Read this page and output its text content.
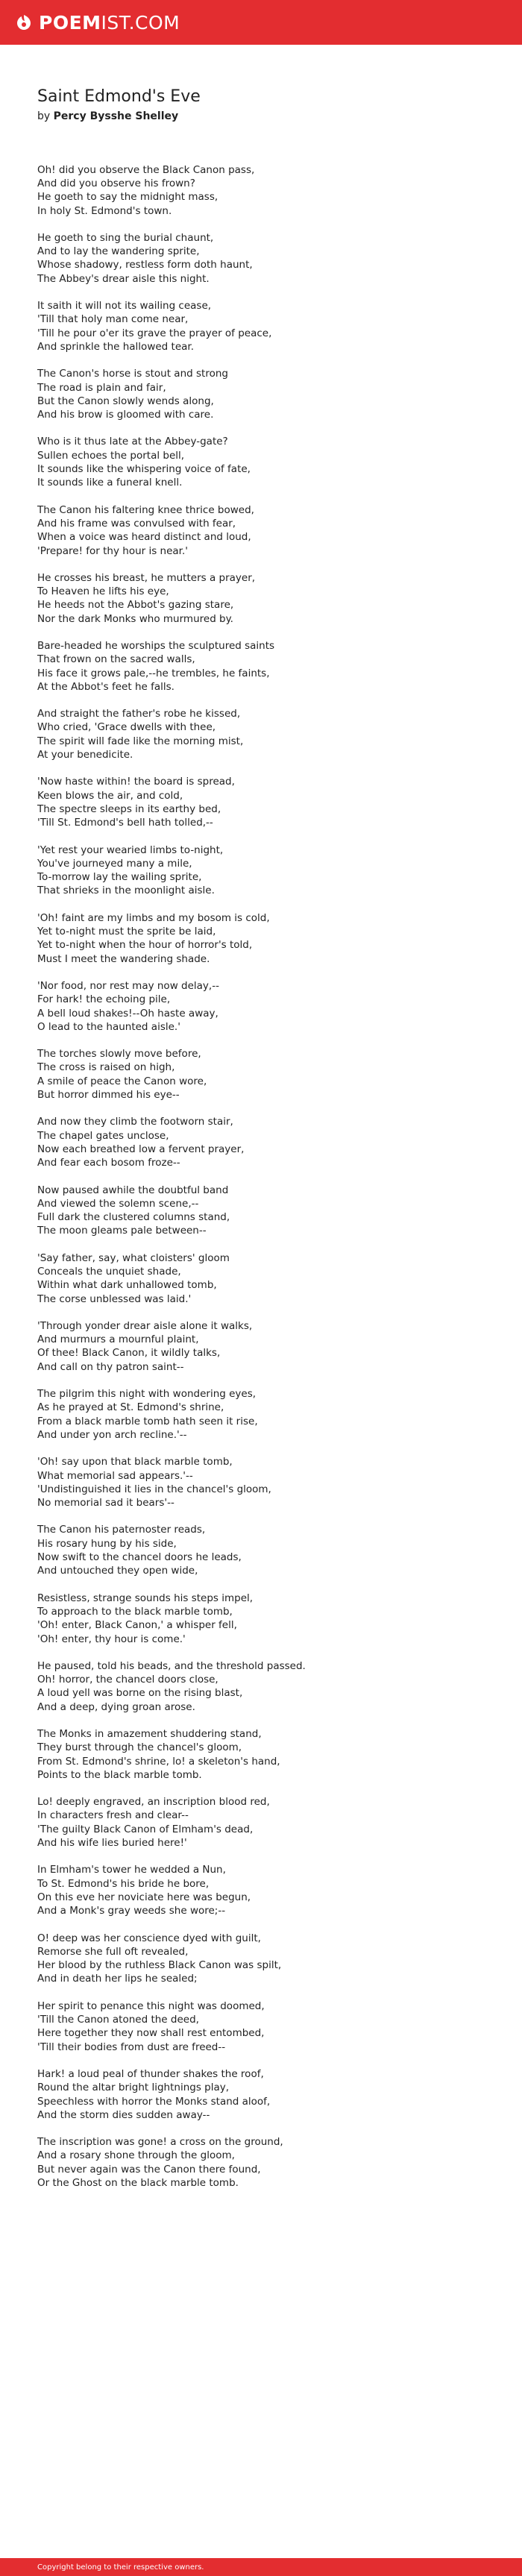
POEMIST.COM
Saint Edmond's Eve
by Percy Bysshe Shelley
Oh! did you observe the Black Canon pass,
And did you observe his frown?
He goeth to say the midnight mass,
In holy St. Edmond's town.
He goeth to sing the burial chaunt,
And to lay the wandering sprite,
Whose shadowy, restless form doth haunt,
The Abbey's drear aisle this night.
It saith it will not its wailing cease,
'Till that holy man come near,
'Till he pour o'er its grave the prayer of peace,
And sprinkle the hallowed tear.
The Canon's horse is stout and strong
The road is plain and fair,
But the Canon slowly wends along,
And his brow is gloomed with care.
Who is it thus late at the Abbey-gate?
Sullen echoes the portal bell,
It sounds like the whispering voice of fate,
It sounds like a funeral knell.
The Canon his faltering knee thrice bowed,
And his frame was convulsed with fear,
When a voice was heard distinct and loud,
'Prepare! for thy hour is near.'
He crosses his breast, he mutters a prayer,
To Heaven he lifts his eye,
He heeds not the Abbot's gazing stare,
Nor the dark Monks who murmured by.
Bare-headed he worships the sculptured saints
That frown on the sacred walls,
His face it grows pale,--he trembles, he faints,
At the Abbot's feet he falls.
And straight the father's robe he kissed,
Who cried, 'Grace dwells with thee,
The spirit will fade like the morning mist,
At your benedicite.
'Now haste within! the board is spread,
Keen blows the air, and cold,
The spectre sleeps in its earthy bed,
'Till St. Edmond's bell hath tolled,--
'Yet rest your wearied limbs to-night,
You've journeyed many a mile,
To-morrow lay the wailing sprite,
That shrieks in the moonlight aisle.
'Oh! faint are my limbs and my bosom is cold,
Yet to-night must the sprite be laid,
Yet to-night when the hour of horror's told,
Must I meet the wandering shade.
'Nor food, nor rest may now delay,--
For hark! the echoing pile,
A bell loud shakes!--Oh haste away,
O lead to the haunted aisle.'
The torches slowly move before,
The cross is raised on high,
A smile of peace the Canon wore,
But horror dimmed his eye--
And now they climb the footworn stair,
The chapel gates unclose,
Now each breathed low a fervent prayer,
And fear each bosom froze--
Now paused awhile the doubtful band
And viewed the solemn scene,--
Full dark the clustered columns stand,
The moon gleams pale between--
'Say father, say, what cloisters' gloom
Conceals the unquiet shade,
Within what dark unhallowed tomb,
The corse unblessed was laid.'
'Through yonder drear aisle alone it walks,
And murmurs a mournful plaint,
Of thee! Black Canon, it wildly talks,
And call on thy patron saint--
The pilgrim this night with wondering eyes,
As he prayed at St. Edmond's shrine,
From a black marble tomb hath seen it rise,
And under yon arch recline.'--
'Oh! say upon that black marble tomb,
What memorial sad appears.'--
'Undistinguished it lies in the chancel's gloom,
No memorial sad it bears'--
The Canon his paternoster reads,
His rosary hung by his side,
Now swift to the chancel doors he leads,
And untouched they open wide,
Resistless, strange sounds his steps impel,
To approach to the black marble tomb,
'Oh! enter, Black Canon,' a whisper fell,
'Oh! enter, thy hour is come.'
He paused, told his beads, and the threshold passed.
Oh! horror, the chancel doors close,
A loud yell was borne on the rising blast,
And a deep, dying groan arose.
The Monks in amazement shuddering stand,
They burst through the chancel's gloom,
From St. Edmond's shrine, lo! a skeleton's hand,
Points to the black marble tomb.
Lo! deeply engraved, an inscription blood red,
In characters fresh and clear--
'The guilty Black Canon of Elmham's dead,
And his wife lies buried here!'
In Elmham's tower he wedded a Nun,
To St. Edmond's his bride he bore,
On this eve her noviciate here was begun,
And a Monk's gray weeds she wore;--
O! deep was her conscience dyed with guilt,
Remorse she full oft revealed,
Her blood by the ruthless Black Canon was spilt,
And in death her lips he sealed;
Her spirit to penance this night was doomed,
'Till the Canon atoned the deed,
Here together they now shall rest entombed,
'Till their bodies from dust are freed--
Hark! a loud peal of thunder shakes the roof,
Round the altar bright lightnings play,
Speechless with horror the Monks stand aloof,
And the storm dies sudden away--
The inscription was gone! a cross on the ground,
And a rosary shone through the gloom,
But never again was the Canon there found,
Or the Ghost on the black marble tomb.
Copyright belong to their respective owners.
